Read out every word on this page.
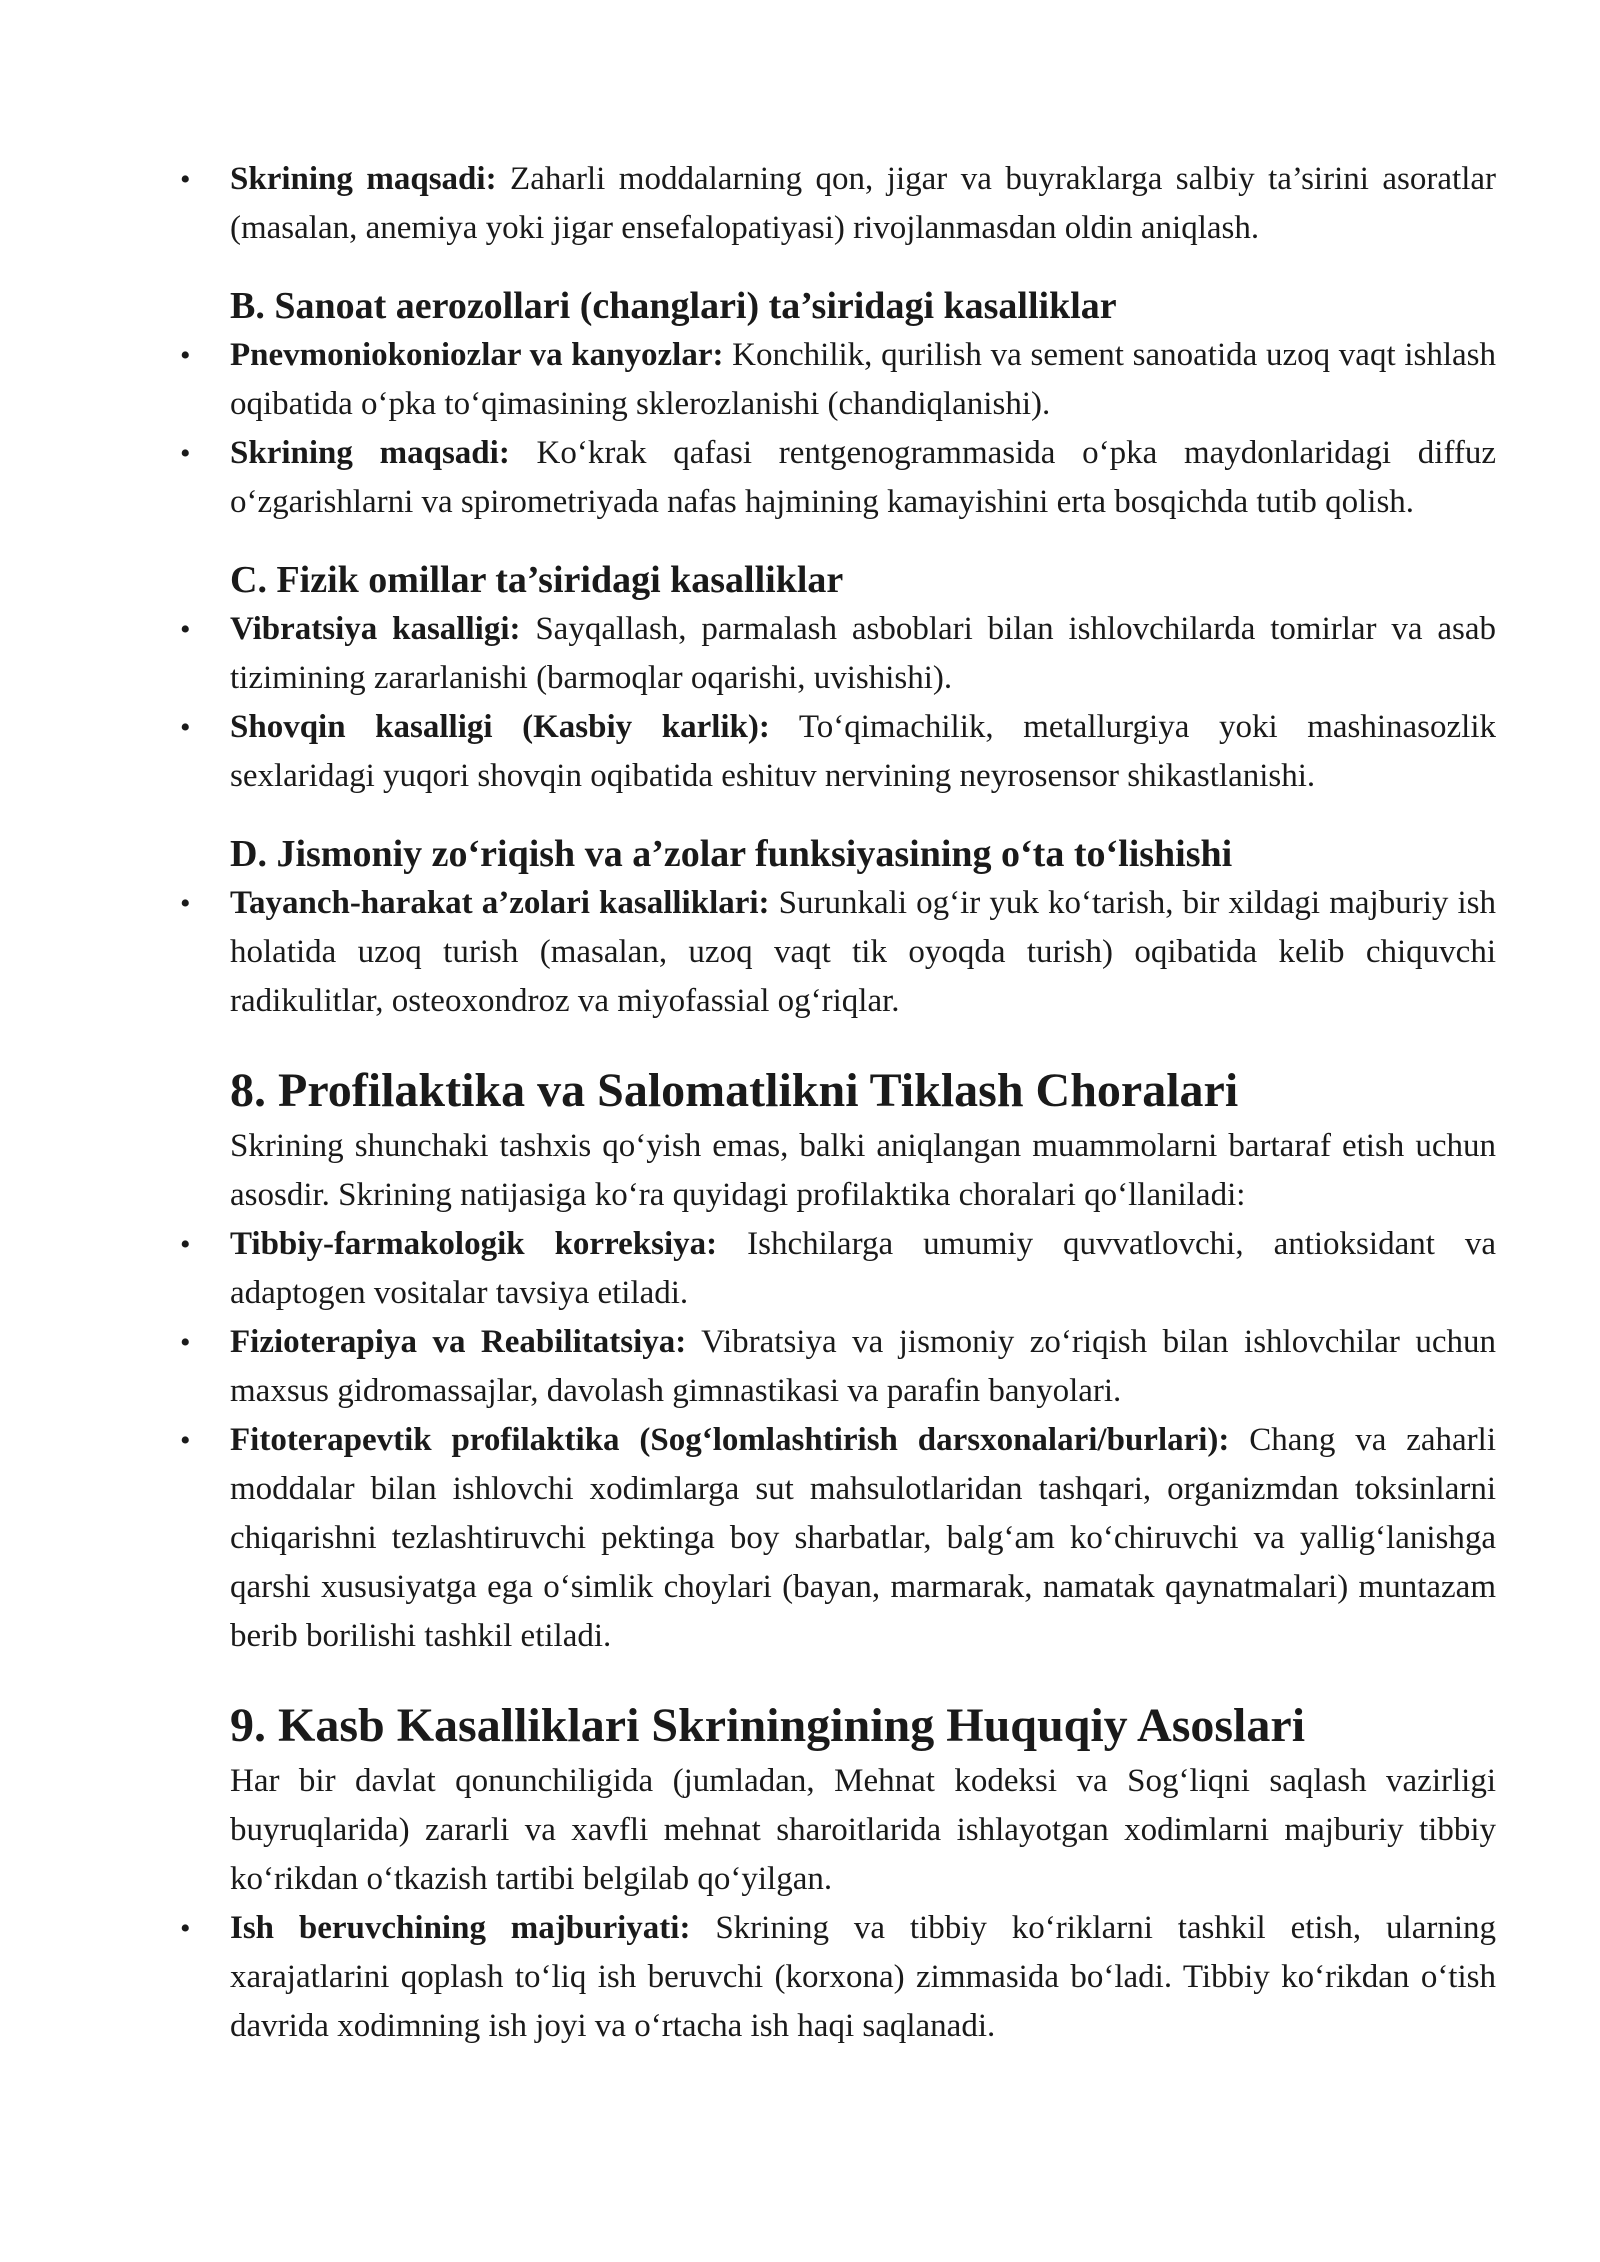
• Skrining maqsadi: Zaharli moddalarning qon, jigar va buyraklarga salbiy ta’sirini asoratlar (masalan, anemiya yoki jigar ensefalopatiyasi) rivojlanmasdan oldin aniqlash.
B. Sanoat aerozollari (changlari) ta’siridagi kasalliklar
• Pnevmoniokoniozlar va kanyozlar: Konchilik, qurilish va sement sanoatida uzoq vaqt ishlash oqibatida o‘pka to‘qimasining sklerozlanishi (chandiqlanishi).
• Skrining maqsadi: Ko‘krak qafasi rentgenogrammasida o‘pka maydonlaridagi diffuz o‘zgarishlarni va spirometriyada nafas hajmining kamayishini erta bosqichda tutib qolish.
C. Fizik omillar ta’siridagi kasalliklar
• Vibratsiya kasalligi: Sayqallash, parmalash asboblari bilan ishlovchilarda tomirlar va asab tizimining zararlanishi (barmoqlar oqarishi, uvishishi).
• Shovqin kasalligi (Kasbiy karlik): To‘qimachilik, metallurgiya yoki mashinasozlik sexlaridagi yuqori shovqin oqibatida eshituv nervining neyrosensor shikastlanishi.
D. Jismoniy zo‘riqish va a’zolar funksiyasining o‘ta to‘lishishi
• Tayanch-harakat a’zolari kasalliklari: Surunkali og‘ir yuk ko‘tarish, bir xildagi majburiy ish holatida uzoq turish (masalan, uzoq vaqt tik oyoqda turish) oqibatida kelib chiquvchi radikulitlar, osteoxondroz va miyofassial og‘riqlar.
8. Profilaktika va Salomatlikni Tiklash Choralari

Skrining shunchaki tashxis qo‘yish emas, balki aniqlangan muammolarni bartaraf etish uchun asosdir. Skrining natijasiga ko‘ra quyidagi profilaktika choralari qo‘llaniladi:

• Tibbiy-farmakologik korreksiya: Ishchilarga umumiy quvvatlovchi, antioksidant va adaptogen vositalar tavsiya etiladi.
• Fizioterapiya va Reabilitatsiya: Vibratsiya va jismoniy zo‘riqish bilan ishlovchilar uchun maxsus gidromassajlar, davolash gimnastikasi va parafin banyolari.
• Fitoterapevtik profilaktika (Sog‘lomlashtirish darsxonalari/burlari): Chang va zaharli moddalar bilan ishlovchi xodimlarga sut mahsulotlaridan tashqari, organizmdan toksinlarni chiqarishni tezlashtiruvchi pektinga boy sharbatlar, balg‘am ko‘chiruvchi va yallig‘lanishga qarshi xususiyatga ega o‘simlik choylari (bayan, marmarak, namatak qaynatmalari) muntazam berib borilishi tashkil etiladi.
9. Kasb Kasalliklari Skriningining Huquqiy Asoslari

Har bir davlat qonunchiligida (jumladan, Mehnat kodeksi va Sog‘liqni saqlash vazirligi buyruqlarida) zararli va xavfli mehnat sharoitlarida ishlayotgan xodimlarni majburiy tibbiy ko‘rikdan o‘tkazish tartibi belgilab qo‘yilgan.

• Ish beruvchining majburiyati: Skrining va tibbiy ko‘riklarni tashkil etish, ularning xarajatlarini qoplash to‘liq ish beruvchi (korxona) zimmasida bo‘ladi. Tibbiy ko‘rikdan o‘tish davrida xodimning ish joyi va o‘rtacha ish haqi saqlanadi.
